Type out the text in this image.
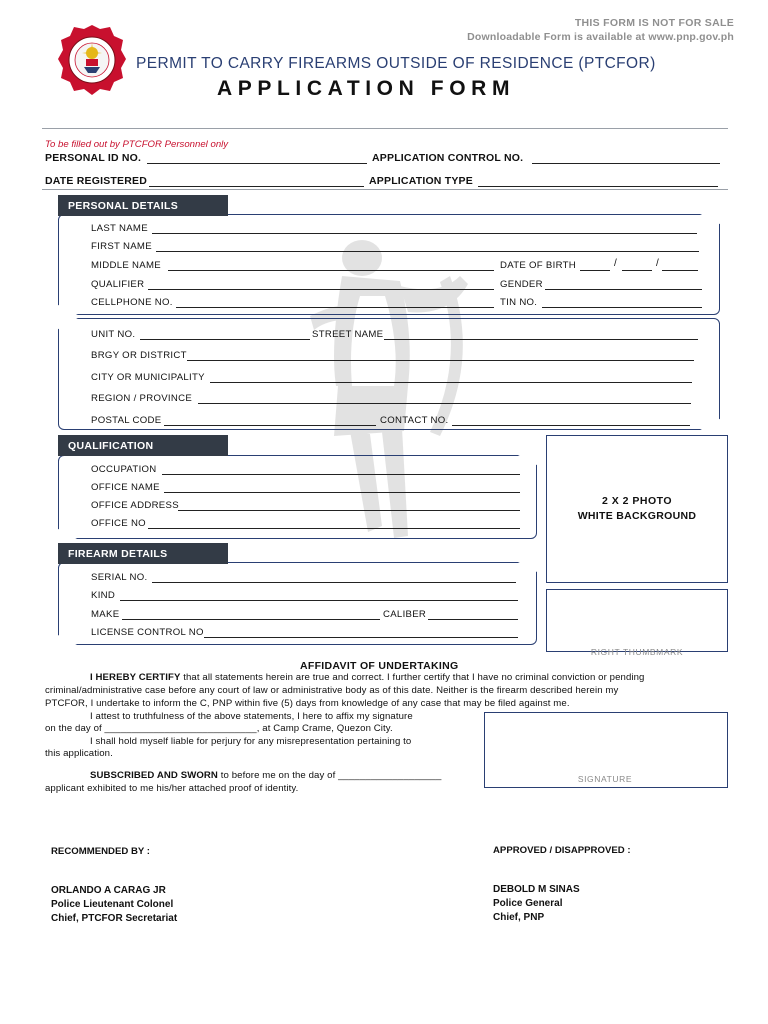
THIS FORM IS NOT FOR SALE
Downloadable Form is available at www.pnp.gov.ph
PERMIT TO CARRY FIREARMS OUTSIDE OF RESIDENCE (PTCFOR)
APPLICATION FORM
To be filled out by PTCFOR Personnel only
PERSONAL ID NO.	APPLICATION CONTROL NO.
DATE REGISTERED	APPLICATION TYPE
PERSONAL DETAILS
LAST NAME
FIRST NAME
MIDDLE NAME	DATE OF BIRTH	/	/
QUALIFIER	GENDER
CELLPHONE NO.	TIN NO.
UNIT NO.	STREET NAME
BRGY OR DISTRICT
CITY OR MUNICIPALITY
REGION / PROVINCE
POSTAL CODE	CONTACT NO.
QUALIFICATION
OCCUPATION
OFFICE NAME
OFFICE ADDRESS
OFFICE NO
2 X 2 PHOTO
WHITE BACKGROUND
FIREARM DETAILS
SERIAL NO.
KIND
MAKE	CALIBER
LICENSE CONTROL NO
RIGHT THUMBMARK
AFFIDAVIT OF UNDERTAKING
I HEREBY CERTIFY that all statements herein are true and correct. I further certify that I have no criminal conviction or pending
criminal/administrative case before any court of law or administrative body as of this date. Neither is the firearm described herein my
PTCFOR, I undertake to inform the C, PNP within five (5) days from knowledge of any case that may be filed against me.
I attest to truthfulness of the above statements, I here to affix my signature
on the day of ____________________________, at Camp Crame, Quezon City.
I shall hold myself liable for perjury for any misrepresentation pertaining to
this application.
SUBSCRIBED AND SWORN to before me on the day of ___________________
applicant exhibited to me his/her attached proof of identity.
SIGNATURE
RECOMMENDED BY :
ORLANDO A CARAG JR
Police Lieutenant Colonel
Chief, PTCFOR Secretariat
APPROVED / DISAPPROVED :
DEBOLD M SINAS
Police General
Chief, PNP
